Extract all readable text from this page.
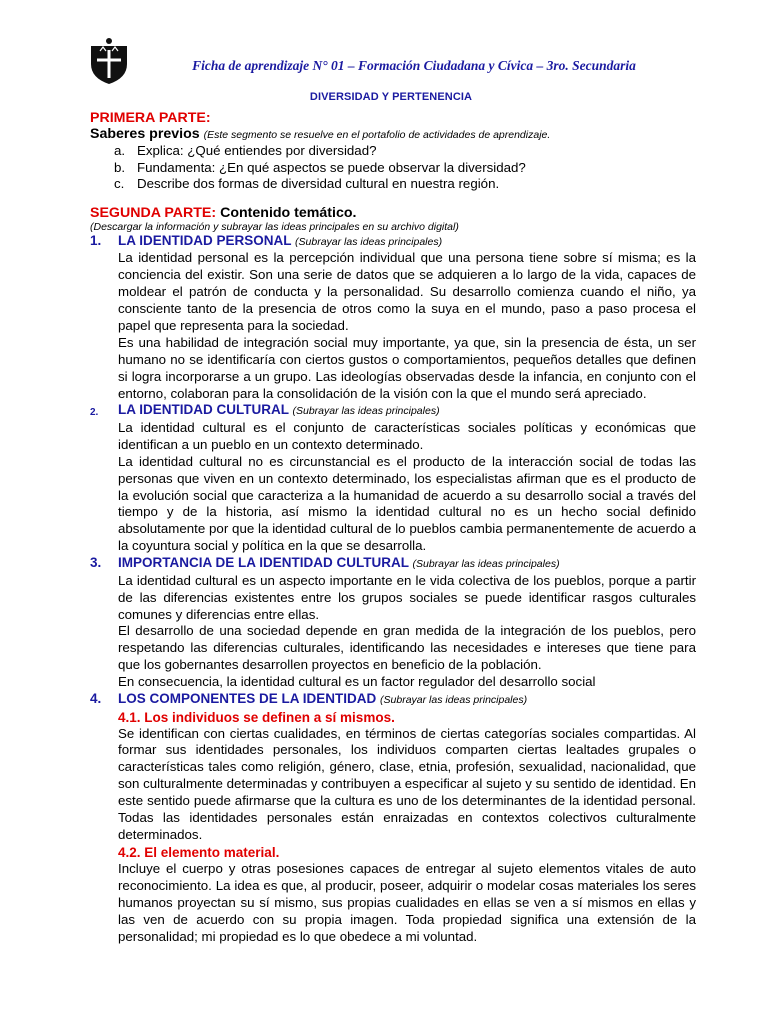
Ficha de aprendizaje N° 01 – Formación Ciudadana y Cívica – 3ro. Secundaria
DIVERSIDAD Y PERTENENCIA
PRIMERA PARTE:
Saberes previos (Este segmento se resuelve en el portafolio de actividades de aprendizaje.
a. Explica: ¿Qué entiendes por diversidad?
b. Fundamenta: ¿En qué aspectos se puede observar la diversidad?
c. Describe dos formas de diversidad cultural en nuestra región.
SEGUNDA PARTE: Contenido temático.
(Descargar la información y subrayar las ideas principales en su archivo digital)
1. LA IDENTIDAD PERSONAL (Subrayar las ideas principales)
La identidad personal es la percepción individual que una persona tiene sobre sí misma; es la conciencia del existir. Son una serie de datos que se adquieren a lo largo de la vida, capaces de moldear el patrón de conducta y la personalidad. Su desarrollo comienza cuando el niño, ya consciente tanto de la presencia de otros como la suya en el mundo, paso a paso procesa el papel que representa para la sociedad.
Es una habilidad de integración social muy importante, ya que, sin la presencia de ésta, un ser humano no se identificaría con ciertos gustos o comportamientos, pequeños detalles que definen si logra incorporarse a un grupo. Las ideologías observadas desde la infancia, en conjunto con el entorno, colaboran para la consolidación de la visión con la que el mundo será apreciado.
2. LA IDENTIDAD CULTURAL (Subrayar las ideas principales)
La identidad cultural es el conjunto de características sociales políticas y económicas que identifican a un pueblo en un contexto determinado.
La identidad cultural no es circunstancial es el producto de la interacción social de todas las personas que viven en un contexto determinado, los especialistas afirman que es el producto de la evolución social que caracteriza a la humanidad de acuerdo a su desarrollo social a través del tiempo y de la historia, así mismo la identidad cultural no es un hecho social definido absolutamente por que la identidad cultural de lo pueblos cambia permanentemente de acuerdo a la coyuntura social y política en la que se desarrolla.
3. IMPORTANCIA DE LA IDENTIDAD CULTURAL (Subrayar las ideas principales)
La identidad cultural es un aspecto importante en le vida colectiva de los pueblos, porque a partir de las diferencias existentes entre los grupos sociales se puede identificar rasgos culturales comunes y diferencias entre ellas.
El desarrollo de una sociedad depende en gran medida de la integración de los pueblos, pero respetando las diferencias culturales, identificando las necesidades e intereses que tiene para que los gobernantes desarrollen proyectos en beneficio de la población.
En consecuencia, la identidad cultural es un factor regulador del desarrollo social
4. LOS COMPONENTES DE LA IDENTIDAD (Subrayar las ideas principales)
4.1. Los individuos se definen a sí mismos.
Se identifican con ciertas cualidades, en términos de ciertas categorías sociales compartidas. Al formar sus identidades personales, los individuos comparten ciertas lealtades grupales o características tales como religión, género, clase, etnia, profesión, sexualidad, nacionalidad, que son culturalmente determinadas y contribuyen a especificar al sujeto y su sentido de identidad. En este sentido puede afirmarse que la cultura es uno de los determinantes de la identidad personal. Todas las identidades personales están enraizadas en contextos colectivos culturalmente determinados.
4.2. El elemento material.
Incluye el cuerpo y otras posesiones capaces de entregar al sujeto elementos vitales de auto reconocimiento. La idea es que, al producir, poseer, adquirir o modelar cosas materiales los seres humanos proyectan su sí mismo, sus propias cualidades en ellas se ven a sí mismos en ellas y las ven de acuerdo con su propia imagen. Toda propiedad significa una extensión de la personalidad; mi propiedad es lo que obedece a mi voluntad.
